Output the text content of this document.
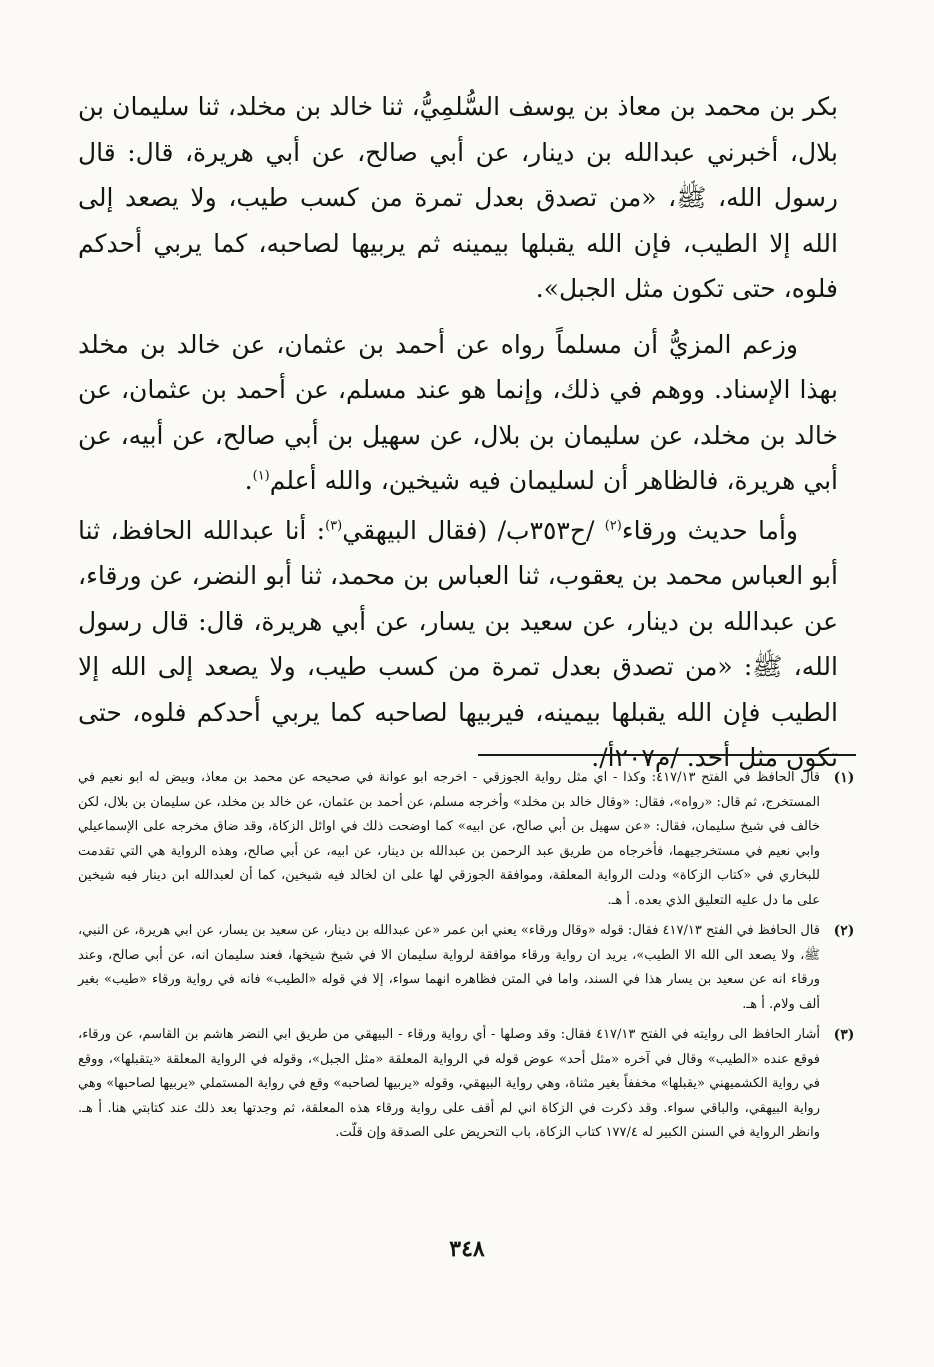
بكر بن محمد بن معاذ بن يوسف السُّلمِيُّ، ثنا خالد بن مخلد، ثنا سليمان بن بلال، أخبرني عبدالله بن دينار، عن أبي صالح، عن أبي هريرة، قال: قال رسول الله، ﷺ، «من تصدق بعدل تمرة من كسب طيب، ولا يصعد إلى الله إلا الطيب، فإن الله يقبلها بيمينه ثم يربيها لصاحبه، كما يربي أحدكم فلوه، حتى تكون مثل الجبل».

وزعم المزيُّ أن مسلماً رواه عن أحمد بن عثمان، عن خالد بن مخلد بهذا الإسناد. ووهم في ذلك، وإنما هو عند مسلم، عن أحمد بن عثمان، عن خالد بن مخلد، عن سليمان بن بلال، عن سهيل بن أبي صالح، عن أبيه، عن أبي هريرة، فالظاهر أن لسليمان فيه شيخين، والله أعلم$^{(١)}$.

وأما حديث ورقاء$^{(٢)}$ /ح٣٥٣ب/ (فقال البيهقي$^{(٣)}$: أنا عبدالله الحافظ، ثنا أبو العباس محمد بن يعقوب، ثنا العباس بن محمد، ثنا أبو النضر، عن ورقاء، عن عبدالله بن دينار، عن سعيد بن يسار، عن أبي هريرة، قال: قال رسول الله، ﷺ: «من تصدق بعدل تمرة من كسب طيب، ولا يصعد إلى الله إلا الطيب فإن الله يقبلها بيمينه، فيربيها لصاحبه كما يربي أحدكم فلوه، حتى تكون مثل أحد. /م٢٠٧أ/.

(١)
قال الحافظ في الفتح ٤١٧/١٣: وكذا - اي مثل رواية الجوزقي - اخرجه ابو عوانة في صحيحه عن محمد بن معاذ، وبيض له ابو نعيم في المستخرج، ثم قال: «رواه»، فقال: «وقال خالد بن مخلد» وأخرجه مسلم، عن أحمد بن عثمان، عن خالد بن مخلد، عن سليمان بن بلال، لكن خالف في شيخ سليمان، فقال: «عن سهيل بن أبي صالح، عن ابيه» كما اوضحت ذلك في اوائل الزكاة، وقد ضاق مخرجه على الإسماعيلي وابي نعيم في مستخرجيهما، فأخرجاه من طريق عبد الرحمن بن عبدالله بن دينار، عن ابيه، عن أبي صالح، وهذه الرواية هي التي تقدمت للبخاري في «كتاب الزكاة» ودلت الرواية المعلقة، وموافقة الجوزقي لها على ان لخالد فيه شيخين، كما أن لعبدالله ابن دينار فيه شيخين على ما دل عليه التعليق الذي بعده. أ هـ.
(٢)
قال الحافظ في الفتح ٤١٧/١٣ فقال: قوله «وقال ورقاء» يعني ابن عمر «عن عبدالله بن دينار، عن سعيد بن يسار، عن ابي هريرة، عن النبي، ﷺ، ولا يصعد الى الله الا الطيب»، يريد ان رواية ورقاء موافقة لرواية سليمان الا في شيخ شيخها، فعند سليمان انه، عن أبي صالح، وعند ورقاء انه عن سعيد بن يسار هذا في السند، واما في المتن فظاهره انهما سواء، إلا في قوله «الطيب» فانه في رواية ورقاء «طيب» بغير ألف ولام. أ هـ.
(٣)
أشار الحافظ الى روايته في الفتح ٤١٧/١٣ فقال: وقد وصلها - أي رواية ورقاء - البيهقي من طريق ابي النضر هاشم بن القاسم، عن ورقاء، فوقع عنده «الطيب» وقال في آخره «مثل أحد» عوض قوله في الرواية المعلقة «مثل الجبل»، وقوله في الرواية المعلقة «يتقبلها»، ووقع في رواية الكشميهني «يقبلها» مخففاً بغير مثناة، وهي رواية البيهقي، وقوله «يربيها لصاحبه» وقع في رواية المستملي «يربيها لصاحبها» وهي رواية البيهقي، والباقي سواء. وقد ذكرت في الزكاة اني لم أقف على رواية ورقاء هذه المعلقة، ثم وجدتها بعد ذلك عند كتابتي هنا. أ هـ. وانظر الرواية في السنن الكبير له ١٧٧/٤ كتاب الزكاة، باب التحريض على الصدقة وإن قلّت.
٣٤٨
